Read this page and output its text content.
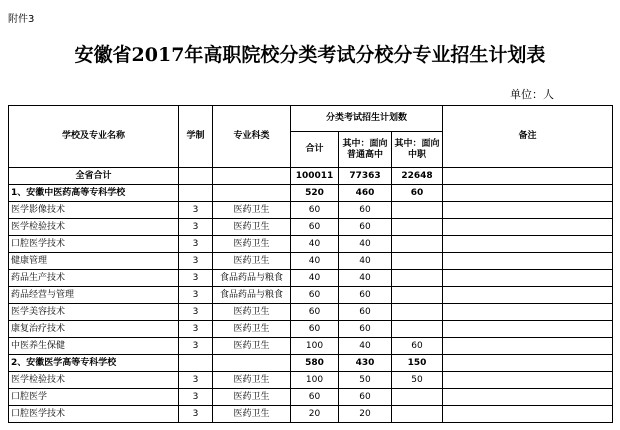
附件3
安徽省2017年高职院校分类考试分校分专业招生计划表
单位：人
学校及专业名称	学制	专业科类	分类考试招生计划数			备注
			合计	其中：面向普通高中	其中：面向中职	
全省合计			100011	77363	22648	
1、安徽中医药高等专科学校			520	460	60	
医学影像技术	3	医药卫生	60	60		
医学检验技术	3	医药卫生	60	60		
口腔医学技术	3	医药卫生	40	40		
健康管理	3	医药卫生	40	40		
药品生产技术	3	食品药品与粮食	40	40		
药品经营与管理	3	食品药品与粮食	60	60		
医学美容技术	3	医药卫生	60	60		
康复治疗技术	3	医药卫生	60	60		
中医养生保健	3	医药卫生	100	40	60	
2、安徽医学高等专科学校			580	430	150	
医学检验技术	3	医药卫生	100	50	50	
口腔医学	3	医药卫生	60	60		
口腔医学技术	3	医药卫生	20	20		
